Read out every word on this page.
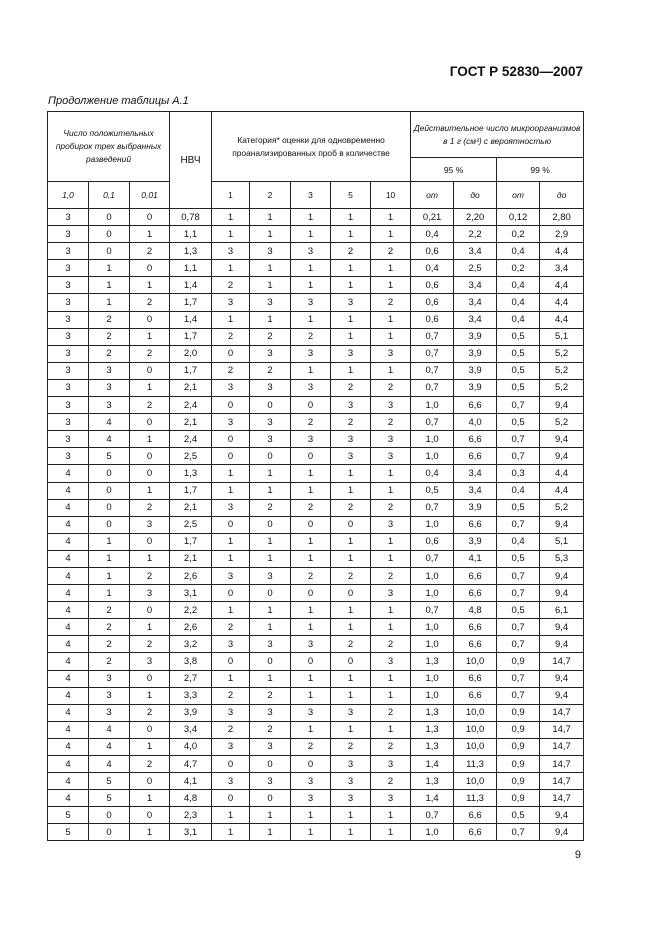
ГОСТ Р 52830—2007
Продолжение таблицы А.1
Число положительных пробирок трех выбранных разведений			НВЧ	Категория* оценки для одновременно проанализированных проб в количестве					Действительное число микроорганизмов в 1 г (см³) с вероятностью			
									95 %		99 %	
1,0	0,1	0,01		1	2	3	5	10	от	до	от	до
3	0	0	0,78	1	1	1	1	1	0,21	2,20	0,12	2,80
3	0	1	1,1	1	1	1	1	1	0,4	2,2	0,2	2,9
3	0	2	1,3	3	3	3	2	2	0,6	3,4	0,4	4,4
3	1	0	1,1	1	1	1	1	1	0,4	2,5	0,2	3,4
3	1	1	1,4	2	1	1	1	1	0,6	3,4	0,4	4,4
3	1	2	1,7	3	3	3	3	2	0,6	3,4	0,4	4,4
3	2	0	1,4	1	1	1	1	1	0,6	3,4	0,4	4,4
3	2	1	1,7	2	2	2	1	1	0,7	3,9	0,5	5,1
3	2	2	2,0	0	3	3	3	3	0,7	3,9	0,5	5,2
3	3	0	1,7	2	2	1	1	1	0,7	3,9	0,5	5,2
3	3	1	2,1	3	3	3	2	2	0,7	3,9	0,5	5,2
3	3	2	2,4	0	0	0	3	3	1,0	6,6	0,7	9,4
3	4	0	2,1	3	3	2	2	2	0,7	4,0	0,5	5,2
3	4	1	2,4	0	3	3	3	3	1,0	6,6	0,7	9,4
3	5	0	2,5	0	0	0	3	3	1,0	6,6	0,7	9,4
4	0	0	1,3	1	1	1	1	1	0,4	3,4	0,3	4,4
4	0	1	1,7	1	1	1	1	1	0,5	3,4	0,4	4,4
4	0	2	2,1	3	2	2	2	2	0,7	3,9	0,5	5,2
4	0	3	2,5	0	0	0	0	3	1,0	6,6	0,7	9,4
4	1	0	1,7	1	1	1	1	1	0,6	3,9	0,4	5,1
4	1	1	2,1	1	1	1	1	1	0,7	4,1	0,5	5,3
4	1	2	2,6	3	3	2	2	2	1,0	6,6	0,7	9,4
4	1	3	3,1	0	0	0	0	3	1,0	6,6	0,7	9,4
4	2	0	2,2	1	1	1	1	1	0,7	4,8	0,5	6,1
4	2	1	2,6	2	1	1	1	1	1,0	6,6	0,7	9,4
4	2	2	3,2	3	3	3	2	2	1,0	6,6	0,7	9,4
4	2	3	3,8	0	0	0	0	3	1,3	10,0	0,9	14,7
4	3	0	2,7	1	1	1	1	1	1,0	6,6	0,7	9,4
4	3	1	3,3	2	2	1	1	1	1,0	6,6	0,7	9,4
4	3	2	3,9	3	3	3	3	2	1,3	10,0	0,9	14,7
4	4	0	3,4	2	2	1	1	1	1,3	10,0	0,9	14,7
4	4	1	4,0	3	3	2	2	2	1,3	10,0	0,9	14,7
4	4	2	4,7	0	0	0	3	3	1,4	11,3	0,9	14,7
4	5	0	4,1	3	3	3	3	2	1,3	10,0	0,9	14,7
4	5	1	4,8	0	0	3	3	3	1,4	11,3	0,9	14,7
5	0	0	2,3	1	1	1	1	1	0,7	6,6	0,5	9,4
5	0	1	3,1	1	1	1	1	1	1,0	6,6	0,7	9,4
9
